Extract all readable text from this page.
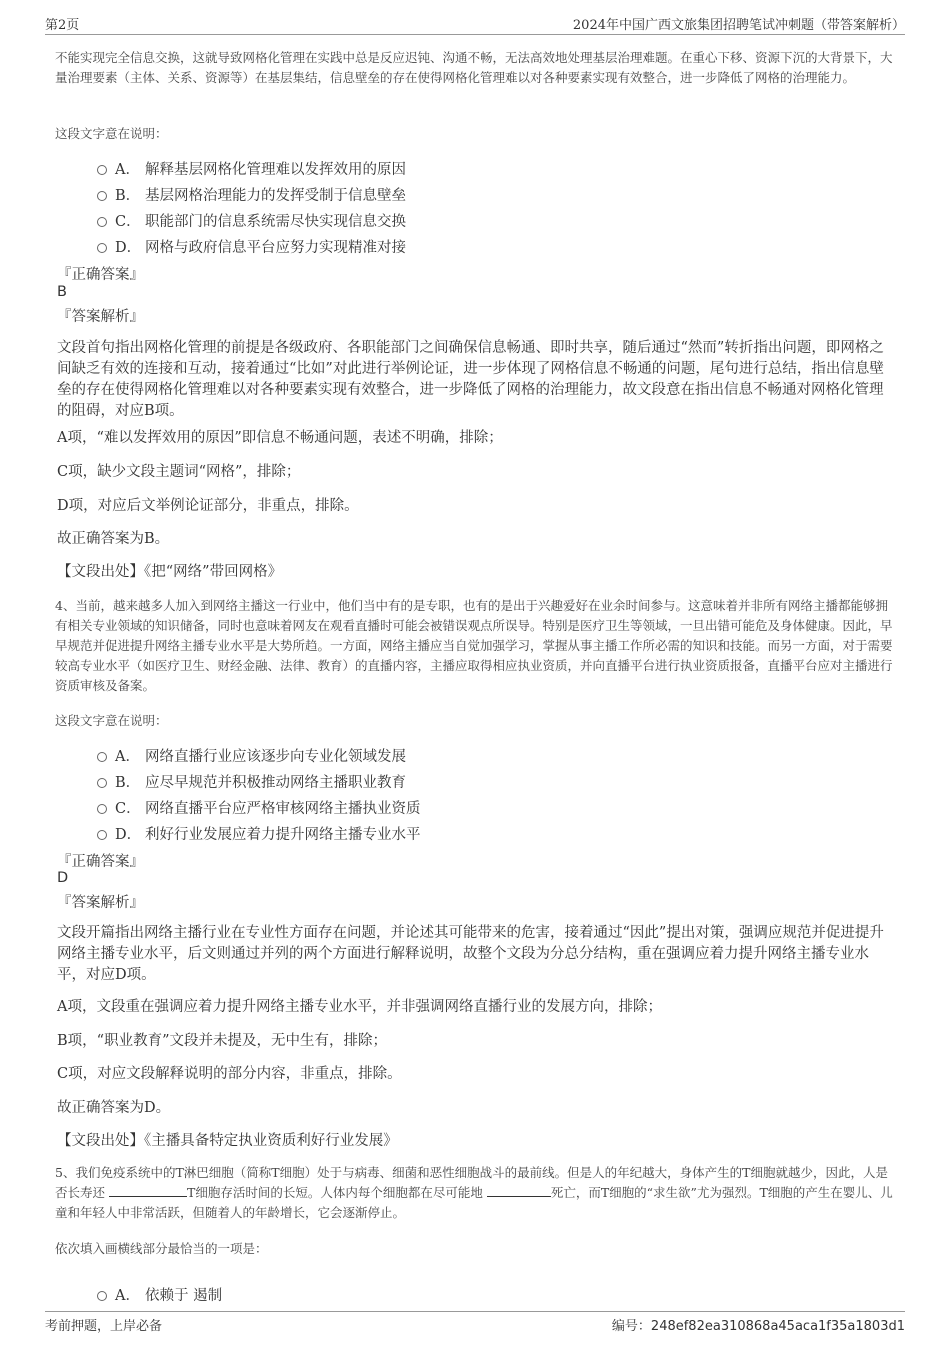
第2页	2024年中国广西文旅集团招聘笔试冲刺题（带答案解析）

不能实现完全信息交换，这就导致网格化管理在实践中总是反应迟钝、沟通不畅，无法高效地处理基层治理难题。在重心下移、资源下沉的大背景下，大量治理要素（主体、关系、资源等）在基层集结，信息壁垒的存在使得网格化管理难以对各种要素实现有效整合，进一步降低了网格的治理能力。

这段文字意在说明：
A． 解释基层网格化管理难以发挥效用的原因
B． 基层网格治理能力的发挥受制于信息壁垒
C． 职能部门的信息系统需尽快实现信息交换
D． 网格与政府信息平台应努力实现精准对接
『正确答案』
B
『答案解析』

文段首句指出网格化管理的前提是各级政府、各职能部门之间确保信息畅通、即时共享，随后通过“然而”转折指出问题，即网格之间缺乏有效的连接和互动，接着通过“比如”对此进行举例论证，进一步体现了网格信息不畅通的问题，尾句进行总结，指出信息壁垒的存在使得网格化管理难以对各种要素实现有效整合，进一步降低了网格的治理能力，故文段意在指出信息不畅通对网格化管理的阻碍，对应B项。

A项，“难以发挥效用的原因”即信息不畅通问题，表述不明确，排除；
C项，缺少文段主题词“网格”，排除；
D项，对应后文举例论证部分，非重点，排除。
故正确答案为B。
【文段出处】《把“网络”带回网格》

4、当前，越来越多人加入到网络主播这一行业中，他们当中有的是专职，也有的是出于兴趣爱好在业余时间参与。这意味着并非所有网络主播都能够拥有相关专业领域的知识储备，同时也意味着网友在观看直播时可能会被错误观点所误导。特别是医疗卫生等领域，一旦出错可能危及身体健康。因此，早早规范并促进提升网络主播专业水平是大势所趋。一方面，网络主播应当自觉加强学习，掌握从事主播工作所必需的知识和技能。而另一方面，对于需要较高专业水平（如医疗卫生、财经金融、法律、教育）的直播内容，主播应取得相应执业资质，并向直播平台进行执业资质报备，直播平台应对主播进行资质审核及备案。

这段文字意在说明：
A． 网络直播行业应该逐步向专业化领域发展
B． 应尽早规范并积极推动网络主播职业教育
C． 网络直播平台应严格审核网络主播执业资质
D． 利好行业发展应着力提升网络主播专业水平
『正确答案』
D
『答案解析』

文段开篇指出网络主播行业在专业性方面存在问题，并论述其可能带来的危害，接着通过“因此”提出对策，强调应规范并促进提升网络主播专业水平，后文则通过并列的两个方面进行解释说明，故整个文段为分总分结构，重在强调应着力提升网络主播专业水平，对应D项。

A项，文段重在强调应着力提升网络主播专业水平，并非强调网络直播行业的发展方向，排除；
B项，“职业教育”文段并未提及，无中生有，排除；
C项，对应文段解释说明的部分内容，非重点，排除。
故正确答案为D。
【文段出处】《主播具备特定执业资质利好行业发展》

5、我们免疫系统中的T淋巴细胞（简称T细胞）处于与病毒、细菌和恶性细胞战斗的最前线。但是人的年纪越大，身体产生的T细胞就越少，因此，人是否长寿还	T细胞存活时间的长短。人体内每个细胞都在尽可能地	死亡，而T细胞的“求生欲”尤为强烈。T细胞的产生在婴儿、儿童和年轻人中非常活跃，但随着人的年龄增长，它会逐渐停止。

依次填入画横线部分最恰当的一项是：
A． 依赖于 遏制
考前押题，上岸必备	编号：248ef82ea310868a45aca1f35a1803d1
